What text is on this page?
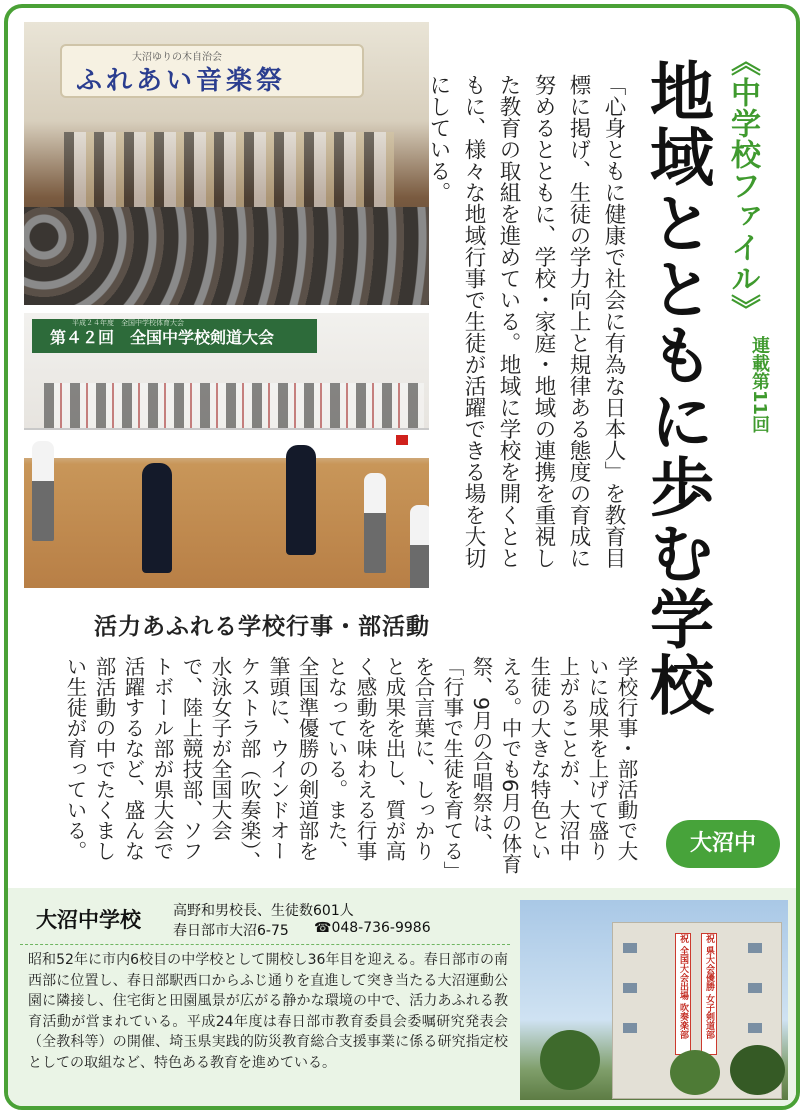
大沼ゆりの木自治会
ふれあい音楽祭
平成２４年度　全国中学校体育大会
第４２回　全国中学校剣道大会
《中学校ファイル》
連載第11回
地域とともに歩む学校
「心身ともに健康で社会に有為な日本人」を教育目標に掲げ、生徒の学力向上と規律ある態度の育成に努めるとともに、学校・家庭・地域の連携を重視した教育の取組を進めている。地域に学校を開くとともに、様々な地域行事で生徒が活躍できる場を大切にしている。
活力あふれる学校行事・部活動
学校行事・部活動で大いに成果を上げて盛り上がることが、大沼中生徒の大きな特色といえる。中でも6月の体育祭、9月の合唱祭は、「行事で生徒を育てる」を合言葉に、しっかりと成果を出し、質が高く感動を味わえる行事となっている。また、全国準優勝の剣道部を筆頭に、ウインドオーケストラ部（吹奏楽）、水泳女子が全国大会で、陸上競技部、ソフトボール部が県大会で活躍するなど、盛んな部活動の中でたくましい生徒が育っている。	大沼中
大沼中学校 高野和男校長、生徒数601人
春日部市大沼6-75 ☎048-736-9986
昭和52年に市内6校目の中学校として開校し36年目を迎える。春日部市の南西部に位置し、春日部駅西口からふじ通りを直進して突き当たる大沼運動公園に隣接し、住宅街と田園風景が広がる静かな環境の中で、活力あふれる教育活動が営まれている。平成24年度は春日部市教育委員会委嘱研究発表会（全教科等）の開催、埼玉県実践的防災教育総合支援事業に係る研究指定校としての取組など、特色ある教育を進めている。
祝 全国大会出場 吹奏楽部	祝 県大会優勝 女子剣道部
